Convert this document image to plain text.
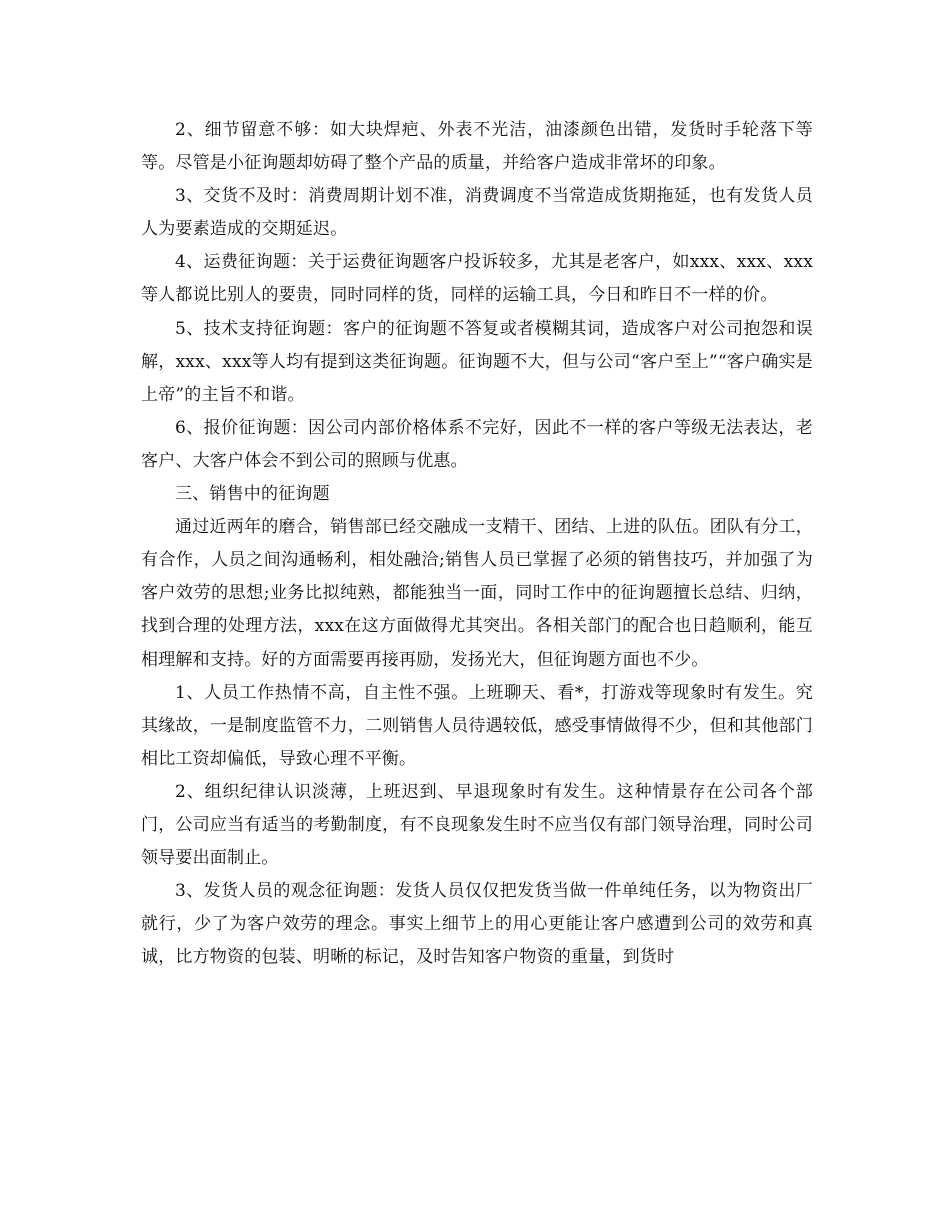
2、细节留意不够：如大块焊疤、外表不光洁，油漆颜色出错，发货时手轮落下等等。尽管是小征询题却妨碍了整个产品的质量，并给客户造成非常坏的印象。

3、交货不及时：消费周期计划不准，消费调度不当常造成货期拖延，也有发货人员人为要素造成的交期延迟。

4、运费征询题：关于运费征询题客户投诉较多，尤其是老客户，如xxx、xxx、xxx等人都说比别人的要贵，同时同样的货，同样的运输工具，今日和昨日不一样的价。

5、技术支持征询题：客户的征询题不答复或者模糊其词，造成客户对公司抱怨和误解，xxx、xxx等人均有提到这类征询题。征询题不大，但与公司“客户至上”“客户确实是上帝”的主旨不和谐。

6、报价征询题：因公司内部价格体系不完好，因此不一样的客户等级无法表达，老客户、大客户体会不到公司的照顾与优惠。

三、销售中的征询题

通过近两年的磨合，销售部已经交融成一支精干、团结、上进的队伍。团队有分工，有合作，人员之间沟通畅利，相处融洽;销售人员已掌握了必须的销售技巧，并加强了为客户效劳的思想;业务比拟纯熟，都能独当一面，同时工作中的征询题擅长总结、归纳，找到合理的处理方法，xxx在这方面做得尤其突出。各相关部门的配合也日趋顺利，能互相理解和支持。好的方面需要再接再励，发扬光大，但征询题方面也不少。

1、人员工作热情不高，自主性不强。上班聊天、看*，打游戏等现象时有发生。究其缘故，一是制度监管不力，二则销售人员待遇较低，感受事情做得不少，但和其他部门相比工资却偏低，导致心理不平衡。

2、组织纪律认识淡薄，上班迟到、早退现象时有发生。这种情景存在公司各个部门，公司应当有适当的考勤制度，有不良现象发生时不应当仅有部门领导治理，同时公司领导要出面制止。

3、发货人员的观念征询题：发货人员仅仅把发货当做一件单纯任务，以为物资出厂就行，少了为客户效劳的理念。事实上细节上的用心更能让客户感遭到公司的效劳和真诚，比方物资的包装、明晰的标记，及时告知客户物资的重量，到货时
